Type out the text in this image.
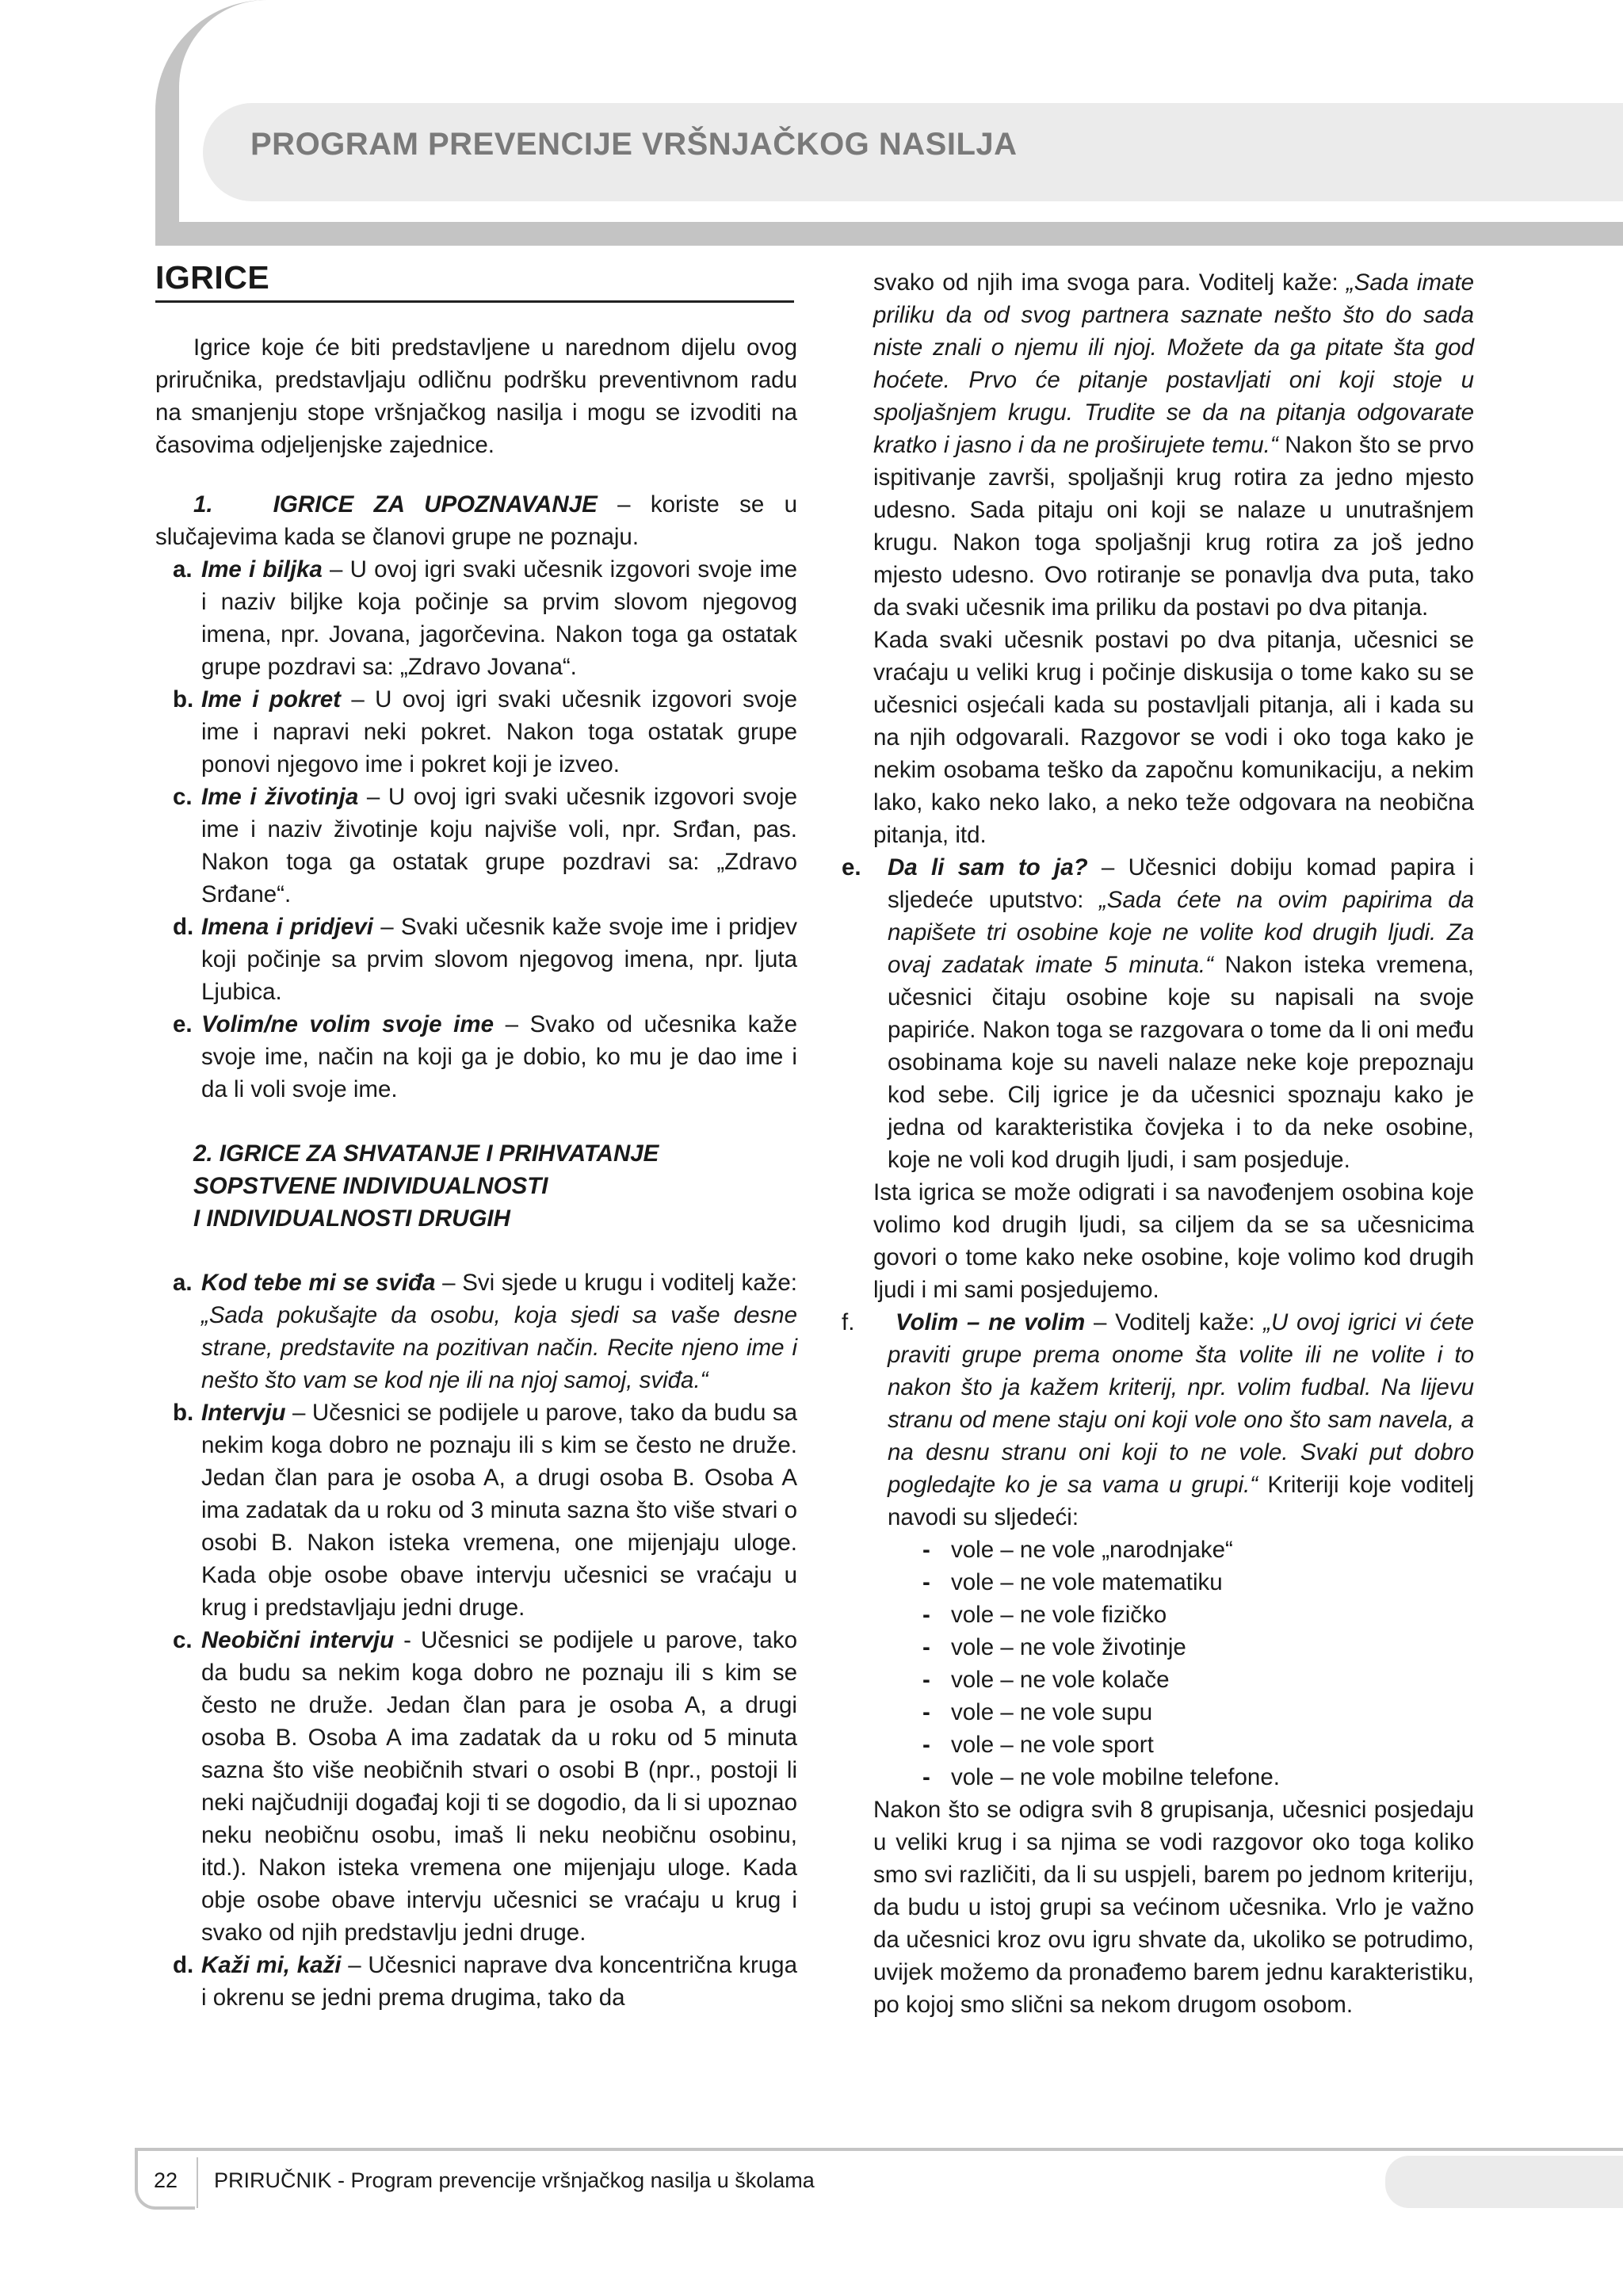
PROGRAM PREVENCIJE VRŠNJAČKOG NASILJA

IGRICE

Igrice koje će biti predstavljene u narednom dijelu ovog priručnika, predstavljaju odličnu podršku preventivnom radu na smanjenju stope vršnjačkog nasilja i mogu se izvoditi na časovima odjeljenjske zajednice.

1.	IGRICE ZA UPOZNAVANJE – koriste se u slučajevima kada se članovi grupe ne poznaju.

a. Ime i biljka – U ovoj igri svaki učesnik izgovori svoje ime i naziv biljke koja počinje sa prvim slovom njegovog imena, npr. Jovana, jagorčevina. Nakon toga ga ostatak grupe pozdravi sa: „Zdravo Jovana“.

b. Ime i pokret – U ovoj igri svaki učesnik izgovori svoje ime i napravi neki pokret. Nakon toga ostatak grupe ponovi njegovo ime i pokret koji je izveo.

c. Ime i životinja – U ovoj igri svaki učesnik izgovori svoje ime i naziv životinje koju najviše voli, npr. Srđan, pas. Nakon toga ga ostatak grupe pozdravi sa: „Zdravo Srđane“.

d. Imena i pridjevi – Svaki učesnik kaže svoje ime i pridjev koji počinje sa prvim slovom njegovog imena, npr. ljuta Ljubica.

e. Volim/ne volim svoje ime – Svako od učesnika kaže svoje ime, način na koji ga je dobio, ko mu je dao ime i da li voli svoje ime.

2. IGRICE ZA SHVATANJE I PRIHVATANJE

SOPSTVENE INDIVIDUALNOSTI

I INDIVIDUALNOSTI DRUGIH

a. Kod tebe mi se sviđa – Svi sjede u krugu i voditelj kaže: „Sada pokušajte da osobu, koja sjedi sa vaše desne strane, predstavite na pozitivan način. Recite njeno ime i nešto što vam se kod nje ili na njoj samoj, sviđa.“

b. Intervju – Učesnici se podijele u parove, tako da budu sa nekim koga dobro ne poznaju ili s kim se često ne druže. Jedan član para je osoba A, a drugi osoba B. Osoba A ima zadatak da u roku od 3 minuta sazna što više stvari o osobi B. Nakon isteka vremena, one mijenjaju uloge. Kada obje osobe obave intervju učesnici se vraćaju u krug i predstavljaju jedni druge.

c. Neobični intervju - Učesnici se podijele u parove, tako da budu sa nekim koga dobro ne poznaju ili s kim se često ne druže. Jedan član para je osoba A, a drugi osoba B. Osoba A ima zadatak da u roku od 5 minuta sazna što više neobičnih stvari o osobi B (npr., postoji li neki najčudniji događaj koji ti se dogodio, da li si upoznao neku neobičnu osobu, imaš li neku neobičnu osobinu, itd.). Nakon isteka vremena one mijenjaju uloge. Kada obje osobe obave intervju učesnici se vraćaju u krug i svako od njih predstavlju jedni druge.

d. Kaži mi, kaži – Učesnici naprave dva koncentrična kruga i okrenu se jedni prema drugima, tako da

svako od njih ima svoga para. Voditelj kaže: „Sada imate priliku da od svog partnera saznate nešto što do sada niste znali o njemu ili njoj. Možete da ga pitate šta god hoćete. Prvo će pitanje postavljati oni koji stoje u spoljašnjem krugu. Trudite se da na pitanja odgovarate kratko i jasno i da ne proširujete temu.“ Nakon što se prvo ispitivanje završi, spoljašnji krug rotira za jedno mjesto udesno. Sada pitaju oni koji se nalaze u unutrašnjem krugu. Nakon toga spoljašnji krug rotira za još jedno mjesto udesno. Ovo rotiranje se ponavlja dva puta, tako da svaki učesnik ima priliku da postavi po dva pitanja.

Kada svaki učesnik postavi po dva pitanja, učesnici se vraćaju u veliki krug i počinje diskusija o tome kako su se učesnici osjećali kada su postavljali pitanja, ali i kada su na njih odgovarali. Razgovor se vodi i oko toga kako je nekim osobama teško da započnu komunikaciju, a nekim lako, kako neko lako, a neko teže odgovara na neobična pitanja, itd.

e. Da li sam to ja? – Učesnici dobiju komad papira i sljedeće uputstvo: „Sada ćete na ovim papirima da napišete tri osobine koje ne volite kod drugih ljudi. Za ovaj zadatak imate 5 minuta.“ Nakon isteka vremena, učesnici čitaju osobine koje su napisali na svoje papiriće. Nakon toga se razgovara o tome da li oni među osobinama koje su naveli nalaze neke koje prepoznaju kod sebe. Cilj igrice je da učesnici spoznaju kako je jedna od karakteristika čovjeka i to da neke osobine, koje ne voli kod drugih ljudi, i sam posjeduje.

Ista igrica se može odigrati i sa navođenjem osobina koje volimo kod drugih ljudi, sa ciljem da se sa učesnicima govori o tome kako neke osobine, koje volimo kod drugih ljudi i mi sami posjedujemo.

f. Volim – ne volim – Voditelj kaže: „U ovoj igrici vi ćete praviti grupe prema onome šta volite ili ne volite i to nakon što ja kažem kriterij, npr. volim fudbal. Na lijevu stranu od mene staju oni koji vole ono što sam navela, a na desnu stranu oni koji to ne vole. Svaki put dobro pogledajte ko je sa vama u grupi.“ Kriteriji koje voditelj navodi su sljedeći:

- vole – ne vole „narodnjake“

- vole – ne vole matematiku

- vole – ne vole fizičko

- vole – ne vole životinje

- vole – ne vole kolače

- vole – ne vole supu

- vole – ne vole sport

- vole – ne vole mobilne telefone.

Nakon što se odigra svih 8 grupisanja, učesnici posjedaju u veliki krug i sa njima se vodi razgovor oko toga koliko smo svi različiti, da li su uspjeli, barem po jednom kriteriju, da budu u istoj grupi sa većinom učesnika. Vrlo je važno da učesnici kroz ovu igru shvate da, ukoliko se potrudimo, uvijek možemo da pronađemo barem jednu karakteristiku, po kojoj smo slični sa nekom drugom osobom.

22 PRIRUČNIK - Program prevencije vršnjačkog nasilja u školama
